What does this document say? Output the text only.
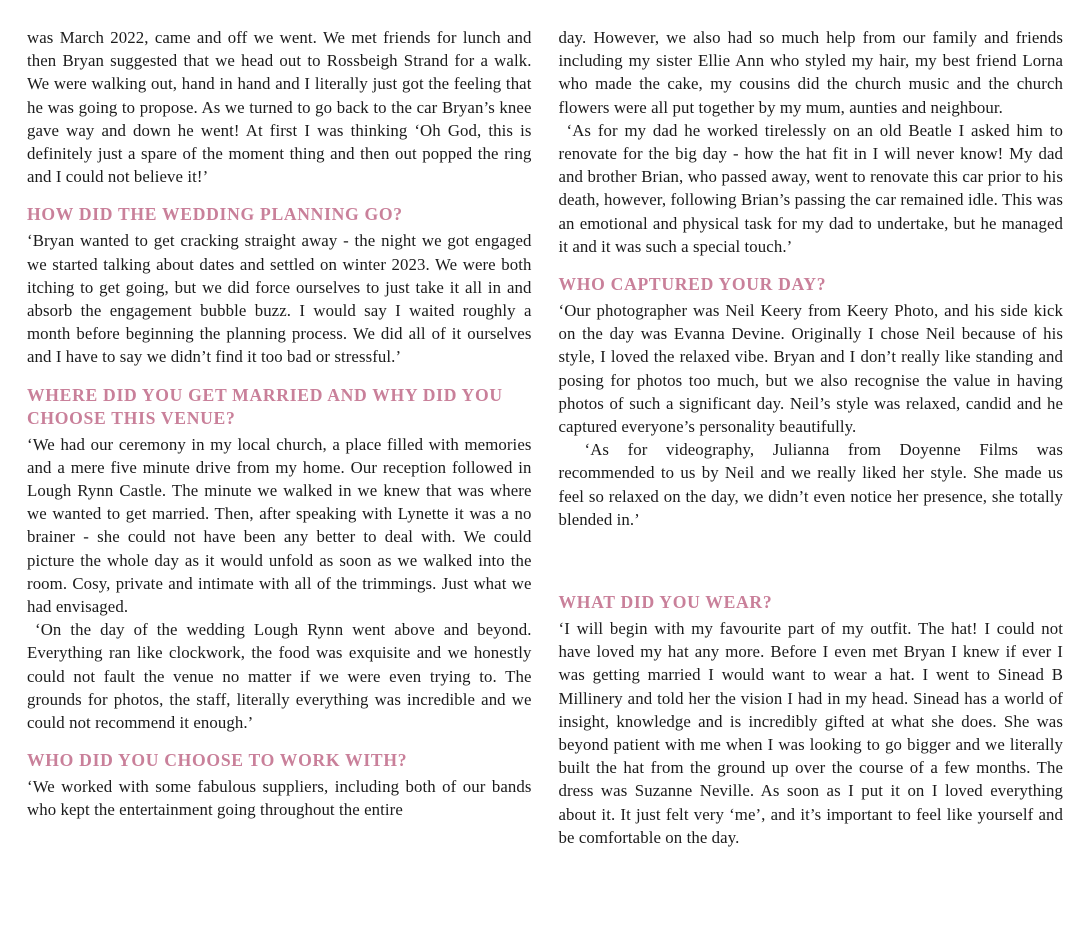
was March 2022, came and off we went. We met friends for lunch and then Bryan suggested that we head out to Rossbeigh Strand for a walk. We were walking out, hand in hand and I literally just got the feeling that he was going to propose. As we turned to go back to the car Bryan’s knee gave way and down he went! At first I was thinking ‘Oh God, this is definitely just a spare of the moment thing and then out popped the ring and I could not believe it!’

HOW DID THE WEDDING PLANNING GO?

‘Bryan wanted to get cracking straight away - the night we got engaged we started talking about dates and settled on winter 2023. We were both itching to get going, but we did force ourselves to just take it all in and absorb the engagement bubble buzz. I would say I waited roughly a month before beginning the planning process. We did all of it ourselves and I have to say we didn’t find it too bad or stressful.’

WHERE DID YOU GET MARRIED AND WHY DID YOU CHOOSE THIS VENUE?

‘We had our ceremony in my local church, a place filled with memories and a mere five minute drive from my home. Our reception followed in Lough Rynn Castle. The minute we walked in we knew that was where we wanted to get married. Then, after speaking with Lynette it was a no brainer - she could not have been any better to deal with. We could picture the whole day as it would unfold as soon as we walked into the room. Cosy, private and intimate with all of the trimmings. Just what we had envisaged.

‘On the day of the wedding Lough Rynn went above and beyond. Everything ran like clockwork, the food was exquisite and we honestly could not fault the venue no matter if we were even trying to. The grounds for photos, the staff, literally everything was incredible and we could not recommend it enough.’

WHO DID YOU CHOOSE TO WORK WITH?

‘We worked with some fabulous suppliers, including both of our bands who kept the entertainment going throughout the entire

day. However, we also had so much help from our family and friends including my sister Ellie Ann who styled my hair, my best friend Lorna who made the cake, my cousins did the church music and the church flowers were all put together by my mum, aunties and neighbour.

‘As for my dad he worked tirelessly on an old Beatle I asked him to renovate for the big day - how the hat fit in I will never know! My dad and brother Brian, who passed away, went to renovate this car prior to his death, however, following Brian’s passing the car remained idle. This was an emotional and physical task for my dad to undertake, but he managed it and it was such a special touch.’

WHO CAPTURED YOUR DAY?

‘Our photographer was Neil Keery from Keery Photo, and his side kick on the day was Evanna Devine. Originally I chose Neil because of his style, I loved the relaxed vibe. Bryan and I don’t really like standing and posing for photos too much, but we also recognise the value in having photos of such a significant day. Neil’s style was relaxed, candid and he captured everyone’s personality beautifully.

‘As for videography, Julianna from Doyenne Films was recommended to us by Neil and we really liked her style. She made us feel so relaxed on the day, we didn’t even notice her presence, she totally blended in.’

WHAT DID YOU WEAR?

‘I will begin with my favourite part of my outfit. The hat! I could not have loved my hat any more. Before I even met Bryan I knew if ever I was getting married I would want to wear a hat. I went to Sinead B Millinery and told her the vision I had in my head. Sinead has a world of insight, knowledge and is incredibly gifted at what she does. She was beyond patient with me when I was looking to go bigger and we literally built the hat from the ground up over the course of a few months. The dress was Suzanne Neville. As soon as I put it on I loved everything about it. It just felt very ‘me’, and it’s important to feel like yourself and be comfortable on the day.
